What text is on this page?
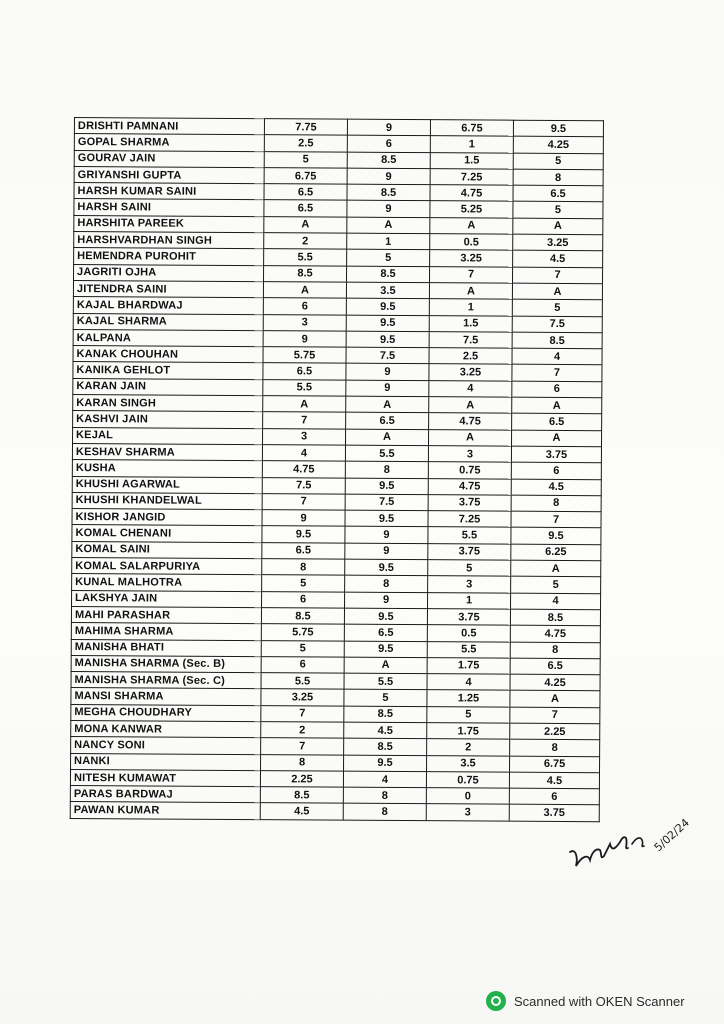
DRISHTI PAMNANI	7.75	9	6.75	9.5
GOPAL SHARMA	2.5	6	1	4.25
GOURAV JAIN	5	8.5	1.5	5
GRIYANSHI GUPTA	6.75	9	7.25	8
HARSH KUMAR SAINI	6.5	8.5	4.75	6.5
HARSH SAINI	6.5	9	5.25	5
HARSHITA PAREEK	A	A	A	A
HARSHVARDHAN SINGH	2	1	0.5	3.25
HEMENDRA PUROHIT	5.5	5	3.25	4.5
JAGRITI OJHA	8.5	8.5	7	7
JITENDRA SAINI	A	3.5	A	A
KAJAL BHARDWAJ	6	9.5	1	5
KAJAL SHARMA	3	9.5	1.5	7.5
KALPANA	9	9.5	7.5	8.5
KANAK CHOUHAN	5.75	7.5	2.5	4
KANIKA GEHLOT	6.5	9	3.25	7
KARAN JAIN	5.5	9	4	6
KARAN SINGH	A	A	A	A
KASHVI JAIN	7	6.5	4.75	6.5
KEJAL	3	A	A	A
KESHAV SHARMA	4	5.5	3	3.75
KUSHA	4.75	8	0.75	6
KHUSHI AGARWAL	7.5	9.5	4.75	4.5
KHUSHI KHANDELWAL	7	7.5	3.75	8
KISHOR JANGID	9	9.5	7.25	7
KOMAL CHENANI	9.5	9	5.5	9.5
KOMAL SAINI	6.5	9	3.75	6.25
KOMAL SALARPURIYA	8	9.5	5	A
KUNAL MALHOTRA	5	8	3	5
LAKSHYA JAIN	6	9	1	4
MAHI PARASHAR	8.5	9.5	3.75	8.5
MAHIMA SHARMA	5.75	6.5	0.5	4.75
MANISHA BHATI	5	9.5	5.5	8
MANISHA SHARMA (Sec. B)	6	A	1.75	6.5
MANISHA SHARMA (Sec. C)	5.5	5.5	4	4.25
MANSI SHARMA	3.25	5	1.25	A
MEGHA CHOUDHARY	7	8.5	5	7
MONA KANWAR	2	4.5	1.75	2.25
NANCY SONI	7	8.5	2	8
NANKI	8	9.5	3.5	6.75
NITESH KUMAWAT	2.25	4	0.75	4.5
PARAS BARDWAJ	8.5	8	0	6
PAWAN KUMAR	4.5	8	3	3.75
5/02/24
Scanned with OKEN Scanner
